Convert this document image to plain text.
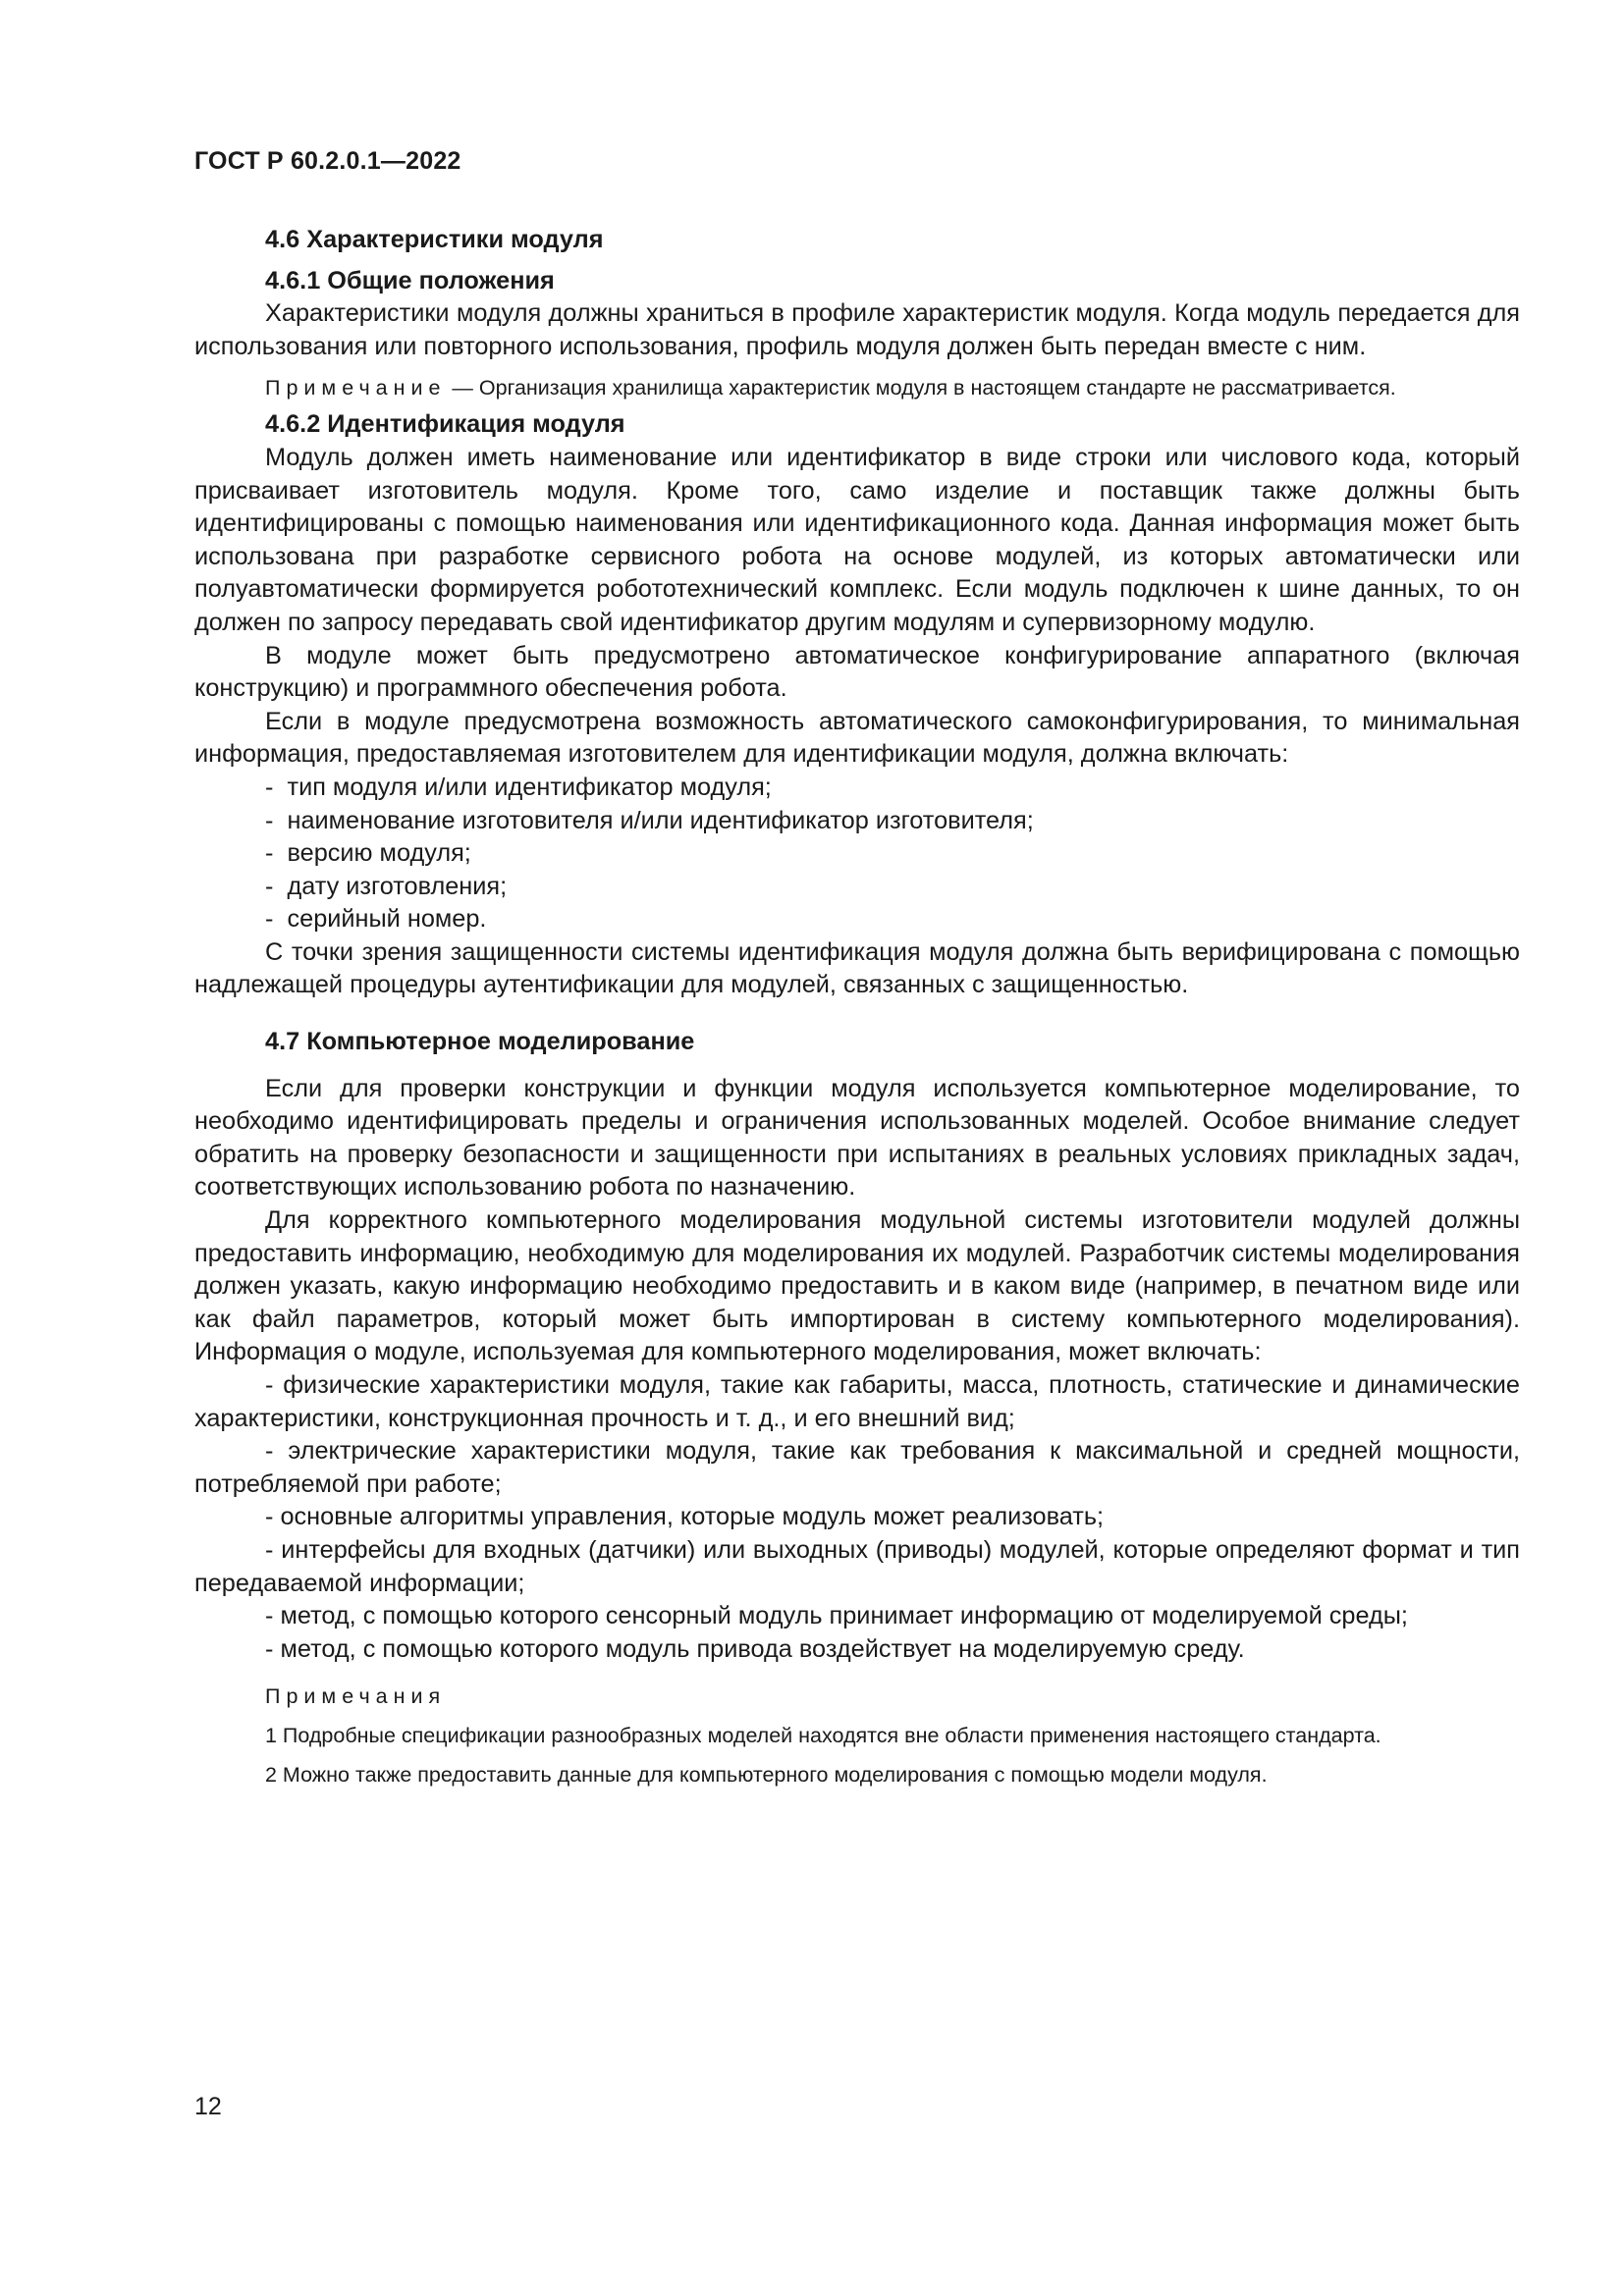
ГОСТ Р 60.2.0.1—2022
4.6 Характеристики модуля
4.6.1 Общие положения

Характеристики модуля должны храниться в профиле характеристик модуля. Когда модуль передается для использования или повторного использования, профиль модуля должен быть передан вместе с ним.

Примечание — Организация хранилища характеристик модуля в настоящем стандарте не рассматривается.
4.6.2 Идентификация модуля

Модуль должен иметь наименование или идентификатор в виде строки или числового кода, который присваивает изготовитель модуля. Кроме того, само изделие и поставщик также должны быть идентифицированы с помощью наименования или идентификационного кода. Данная информация может быть использована при разработке сервисного робота на основе модулей, из которых автоматически или полуавтоматически формируется робототехнический комплекс. Если модуль подключен к шине данных, то он должен по запросу передавать свой идентификатор другим модулям и супервизорному модулю.

В модуле может быть предусмотрено автоматическое конфигурирование аппаратного (включая конструкцию) и программного обеспечения робота.

Если в модуле предусмотрена возможность автоматического самоконфигурирования, то минимальная информация, предоставляемая изготовителем для идентификации модуля, должна включать:

-  тип модуля и/или идентификатор модуля;
-  наименование изготовителя и/или идентификатор изготовителя;
-  версию модуля;
-  дату изготовления;
-  серийный номер.

С точки зрения защищенности системы идентификация модуля должна быть верифицирована с помощью надлежащей процедуры аутентификации для модулей, связанных с защищенностью.

4.7 Компьютерное моделирование

Если для проверки конструкции и функции модуля используется компьютерное моделирование, то необходимо идентифицировать пределы и ограничения использованных моделей. Особое внимание следует обратить на проверку безопасности и защищенности при испытаниях в реальных условиях прикладных задач, соответствующих использованию робота по назначению.

Для корректного компьютерного моделирования модульной системы изготовители модулей должны предоставить информацию, необходимую для моделирования их модулей. Разработчик системы моделирования должен указать, какую информацию необходимо предоставить и в каком виде (например, в печатном виде или как файл параметров, который может быть импортирован в систему компьютерного моделирования). Информация о модуле, используемая для компьютерного моделирования, может включать:

- физические характеристики модуля, такие как габариты, масса, плотность, статические и динамические характеристики, конструкционная прочность и т. д., и его внешний вид;

- электрические характеристики модуля, такие как требования к максимальной и средней мощности, потребляемой при работе;

- основные алгоритмы управления, которые модуль может реализовать;

- интерфейсы для входных (датчики) или выходных (приводы) модулей, которые определяют формат и тип передаваемой информации;

- метод, с помощью которого сенсорный модуль принимает информацию от моделируемой среды;

- метод, с помощью которого модуль привода воздействует на моделируемую среду.

Примечания
1 Подробные спецификации разнообразных моделей находятся вне области применения настоящего стандарта.
2 Можно также предоставить данные для компьютерного моделирования с помощью модели модуля.
12
